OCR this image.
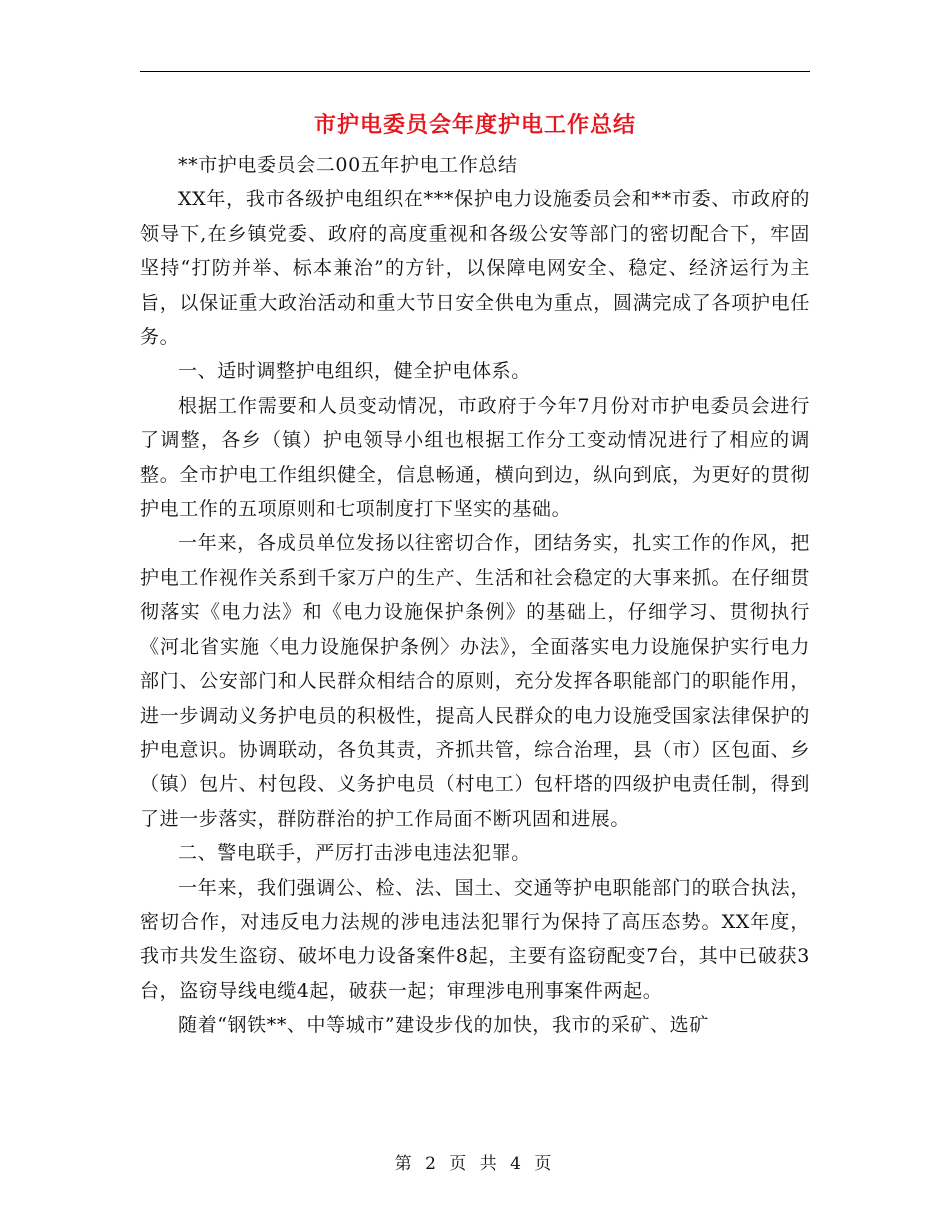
市护电委员会年度护电工作总结

**市护电委员会二00五年护电工作总结

XX年，我市各级护电组织在***保护电力设施委员会和**市委、市政府的领导下,在乡镇党委、政府的高度重视和各级公安等部门的密切配合下，牢固坚持“打防并举、标本兼治”的方针，以保障电网安全、稳定、经济运行为主旨，以保证重大政治活动和重大节日安全供电为重点，圆满完成了各项护电任务。

一、适时调整护电组织，健全护电体系。

根据工作需要和人员变动情况，市政府于今年7月份对市护电委员会进行了调整，各乡（镇）护电领导小组也根据工作分工变动情况进行了相应的调整。全市护电工作组织健全，信息畅通，横向到边，纵向到底，为更好的贯彻护电工作的五项原则和七项制度打下坚实的基础。

一年来，各成员单位发扬以往密切合作，团结务实，扎实工作的作风，把护电工作视作关系到千家万户的生产、生活和社会稳定的大事来抓。在仔细贯彻落实《电力法》和《电力设施保护条例》的基础上，仔细学习、贯彻执行《河北省实施〈电力设施保护条例〉办法》，全面落实电力设施保护实行电力部门、公安部门和人民群众相结合的原则，充分发挥各职能部门的职能作用，进一步调动义务护电员的积极性，提高人民群众的电力设施受国家法律保护的护电意识。协调联动，各负其责，齐抓共管，综合治理，县（市）区包面、乡（镇）包片、村包段、义务护电员（村电工）包杆塔的四级护电责任制，得到了进一步落实，群防群治的护工作局面不断巩固和进展。

二、警电联手，严厉打击涉电违法犯罪。

一年来，我们强调公、检、法、国土、交通等护电职能部门的联合执法，密切合作，对违反电力法规的涉电违法犯罪行为保持了高压态势。XX年度，我市共发生盗窃、破坏电力设备案件8起，主要有盗窃配变7台，其中已破获3台，盗窃导线电缆4起，破获一起；审理涉电刑事案件两起。

随着“钢铁**、中等城市”建设步伐的加快，我市的采矿、选矿

第 2 页 共 4 页
